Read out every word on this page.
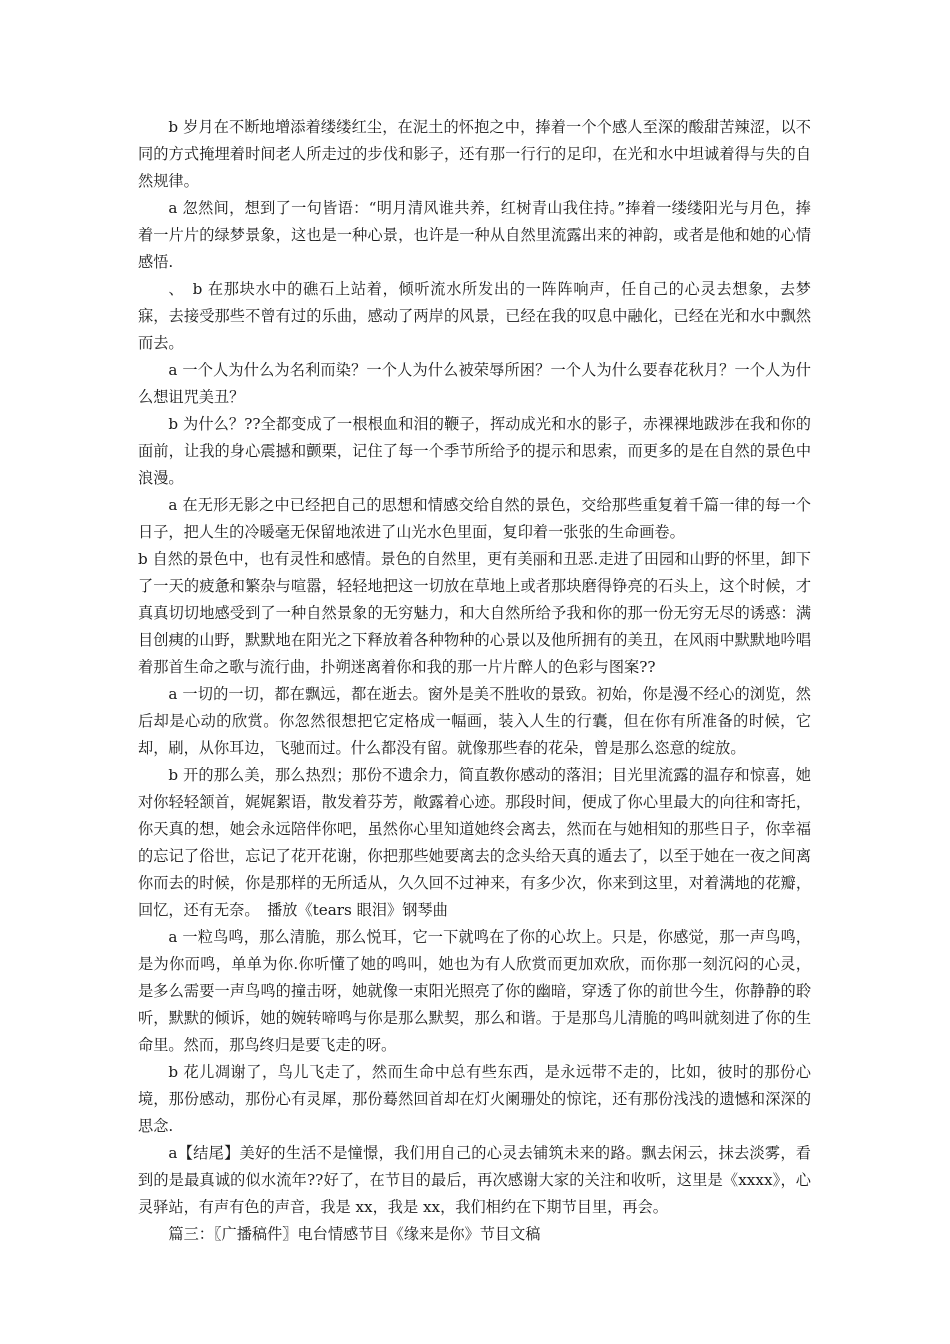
b 岁月在不断地增添着缕缕红尘，在泥土的怀抱之中，捧着一个个感人至深的酸甜苦辣涩，以不同的方式掩埋着时间老人所走过的步伐和影子，还有那一行行的足印，在光和水中坦诚着得与失的自然规律。

a 忽然间，想到了一句皆语：“明月清风谁共养，红树青山我住持。”捧着一缕缕阳光与月色，捧着一片片的绿梦景象，这也是一种心景，也许是一种从自然里流露出来的神韵，或者是他和她的心情感悟.

、　b 在那块水中的礁石上站着，倾听流水所发出的一阵阵响声，任自己的心灵去想象，去梦寐，去接受那些不曾有过的乐曲，感动了两岸的风景，已经在我的叹息中融化，已经在光和水中飘然而去。

a 一个人为什么为名利而染？一个人为什么被荣辱所困？一个人为什么要春花秋月？一个人为什么想诅咒美丑？

b 为什么？??全都变成了一根根血和泪的鞭子，挥动成光和水的影子，赤裸裸地跋涉在我和你的面前，让我的身心震撼和颤栗，记住了每一个季节所给予的提示和思索，而更多的是在自然的景色中浪漫。

a 在无形无影之中已经把自己的思想和情感交给自然的景色，交给那些重复着千篇一律的每一个日子，把人生的冷暖毫无保留地浓进了山光水色里面，复印着一张张的生命画卷。

b 自然的景色中，也有灵性和感情。景色的自然里，更有美丽和丑恶.走进了田园和山野的怀里，卸下了一天的疲惫和繁杂与喧嚣，轻轻地把这一切放在草地上或者那块磨得铮亮的石头上，这个时候，才真真切切地感受到了一种自然景象的无穷魅力，和大自然所给予我和你的那一份无穷无尽的诱惑：满目创痍的山野，默默地在阳光之下释放着各种物种的心景以及他所拥有的美丑，在风雨中默默地吟唱着那首生命之歌与流行曲，扑朔迷离着你和我的那一片片醉人的色彩与图案??

a 一切的一切，都在飘远，都在逝去。窗外是美不胜收的景致。初始，你是漫不经心的浏览，然后却是心动的欣赏。你忽然很想把它定格成一幅画，装入人生的行囊，但在你有所准备的时候，它却，刷，从你耳边，飞驰而过。什么都没有留。就像那些春的花朵，曾是那么恣意的绽放。

b 开的那么美，那么热烈；那份不遗余力，简直教你感动的落泪；目光里流露的温存和惊喜，她对你轻轻颔首，娓娓絮语，散发着芬芳，敞露着心迹。那段时间，便成了你心里最大的向往和寄托，你天真的想，她会永远陪伴你吧，虽然你心里知道她终会离去，然而在与她相知的那些日子，你幸福的忘记了俗世，忘记了花开花谢，你把那些她要离去的念头给天真的遁去了，以至于她在一夜之间离你而去的时候，你是那样的无所适从，久久回不过神来，有多少次，你来到这里，对着满地的花瓣，回忆，还有无奈。　播放《tears 眼泪》钢琴曲

a 一粒鸟鸣，那么清脆，那么悦耳，它一下就鸣在了你的心坎上。只是，你感觉，那一声鸟鸣，是为你而鸣，单单为你.你听懂了她的鸣叫，她也为有人欣赏而更加欢欣，而你那一刻沉闷的心灵，是多么需要一声鸟鸣的撞击呀，她就像一束阳光照亮了你的幽暗，穿透了你的前世今生，你静静的聆听，默默的倾诉，她的婉转啼鸣与你是那么默契，那么和谐。于是那鸟儿清脆的鸣叫就刻进了你的生命里。然而，那鸟终归是要飞走的呀。

b 花儿凋谢了，鸟儿飞走了，然而生命中总有些东西，是永远带不走的，比如，彼时的那份心境，那份感动，那份心有灵犀，那份蓦然回首却在灯火阑珊处的惊诧，还有那份浅浅的遗憾和深深的思念.

a【结尾】美好的生活不是憧憬，我们用自己的心灵去铺筑未来的路。飘去闲云，抹去淡雾，看到的是最真诚的似水流年??好了，在节目的最后，再次感谢大家的关注和收听，这里是《xxxx》，心灵驿站，有声有色的声音，我是 xx，我是 xx，我们相约在下期节目里，再会。

篇三：〖广播稿件〗电台情感节目《缘来是你》节目文稿
